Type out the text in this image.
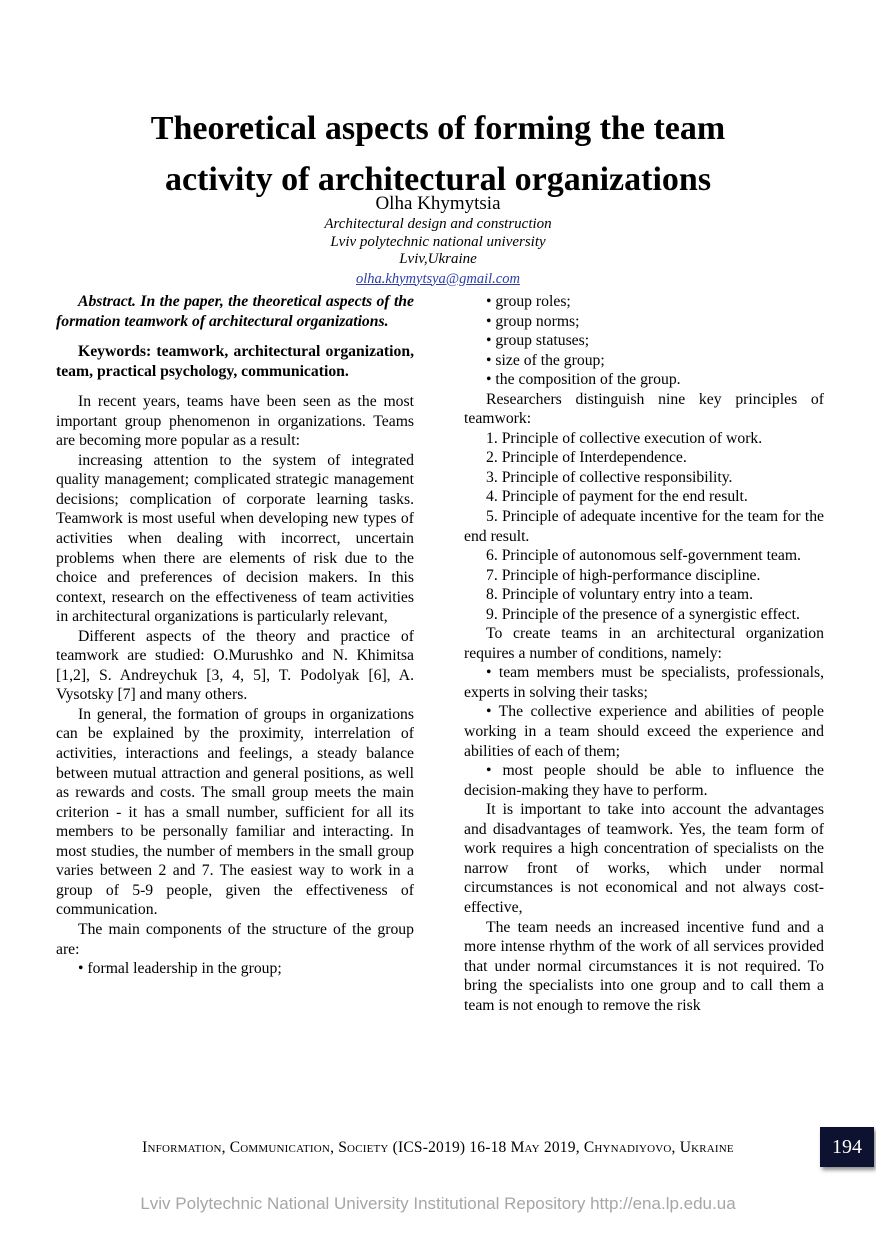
Theoretical aspects of forming the team
activity of architectural organizations
Olha Khymytsia
Architectural design and construction
Lviv polytechnic national university
Lviv,Ukraine
olha.khymytsya@gmail.com

Abstract. In the paper, the theoretical aspects of the formation teamwork of architectural organizations.

Keywords: teamwork, architectural organization, team, practical psychology, communication.

In recent years, teams have been seen as the most important group phenomenon in organizations. Teams are becoming more popular as a result:

increasing attention to the system of integrated quality management; complicated strategic management decisions; complication of corporate learning tasks. Teamwork is most useful when developing new types of activities when dealing with incorrect, uncertain problems when there are elements of risk due to the choice and preferences of decision makers. In this context, research on the effectiveness of team activities in architectural organizations is particularly relevant,

Different aspects of the theory and practice of teamwork are studied: O.Murushko and N. Khimitsa [1,2], S. Andreychuk [3, 4, 5], T. Podolyak [6], A. Vysotsky [7] and many others.

In general, the formation of groups in organizations can be explained by the proximity, interrelation of activities, interactions and feelings, a steady balance between mutual attraction and general positions, as well as rewards and costs. The small group meets the main criterion - it has a small number, sufficient for all its members to be personally familiar and interacting. In most studies, the number of members in the small group varies between 2 and 7. The easiest way to work in a group of 5-9 people, given the effectiveness of communication.

The main components of the structure of the group are:

• formal leadership in the group;

• group roles;

• group norms;

• group statuses;

• size of the group;

• the composition of the group.

Researchers distinguish nine key principles of teamwork:

1. Principle of collective execution of work.

2. Principle of Interdependence.

3. Principle of collective responsibility.

4. Principle of payment for the end result.

5. Principle of adequate incentive for the team for the end result.

6. Principle of autonomous self-government team.

7. Principle of high-performance discipline.

8. Principle of voluntary entry into a team.

9. Principle of the presence of a synergistic effect.

To create teams in an architectural organization requires a number of conditions, namely:

• team members must be specialists, professionals, experts in solving their tasks;

• The collective experience and abilities of people working in a team should exceed the experience and abilities of each of them;

• most people should be able to influence the decision-making they have to perform.

It is important to take into account the advantages and disadvantages of teamwork. Yes, the team form of work requires a high concentration of specialists on the narrow front of works, which under normal circumstances is not economical and not always cost-effective,

The team needs an increased incentive fund and a more intense rhythm of the work of all services provided that under normal circumstances it is not required. To bring the specialists into one group and to call them a team is not enough to remove the risk

Information, Communication, Society (ICS-2019) 16-18 May 2019, Chynadiyovo, Ukraine	194
Lviv Polytechnic National University Institutional Repository http://ena.lp.edu.ua
